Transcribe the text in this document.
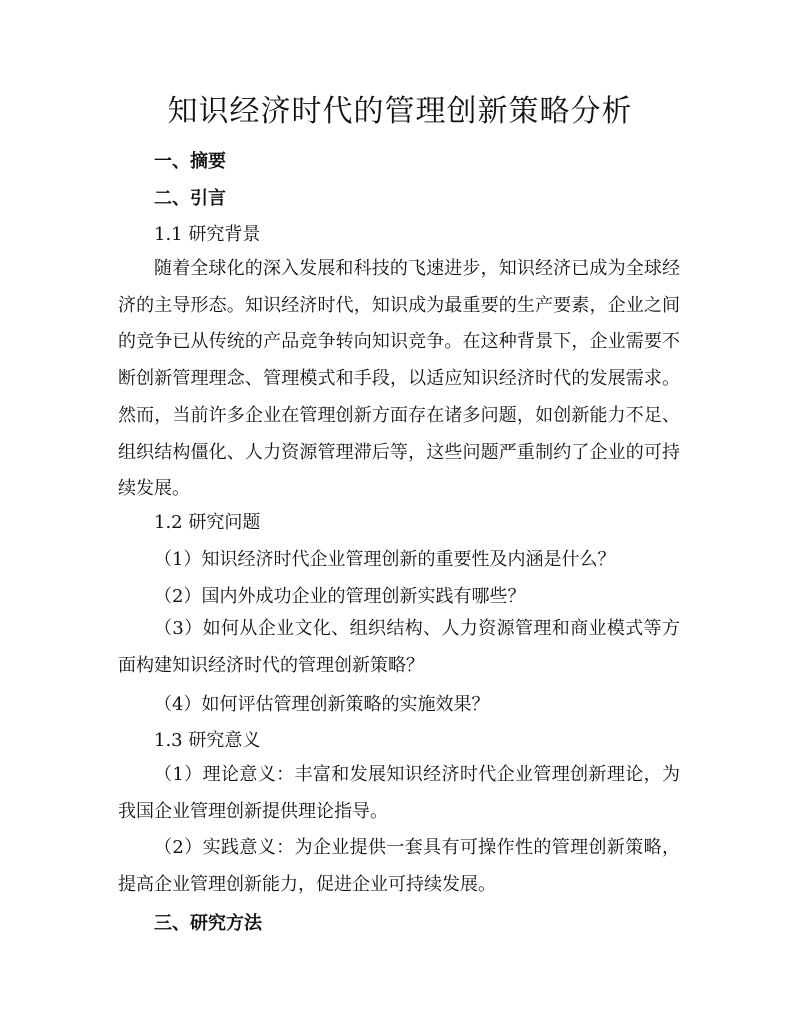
知识经济时代的管理创新策略分析
一、摘要
二、引言
1.1 研究背景
随着全球化的深入发展和科技的飞速进步，知识经济已成为全球经济的主导形态。知识经济时代，知识成为最重要的生产要素，企业之间的竞争已从传统的产品竞争转向知识竞争。在这种背景下，企业需要不断创新管理理念、管理模式和手段，以适应知识经济时代的发展需求。然而，当前许多企业在管理创新方面存在诸多问题，如创新能力不足、组织结构僵化、人力资源管理滞后等，这些问题严重制约了企业的可持续发展。
1.2 研究问题
（1）知识经济时代企业管理创新的重要性及内涵是什么？
（2）国内外成功企业的管理创新实践有哪些？
（3）如何从企业文化、组织结构、人力资源管理和商业模式等方面构建知识经济时代的管理创新策略？
（4）如何评估管理创新策略的实施效果？
1.3 研究意义
（1）理论意义：丰富和发展知识经济时代企业管理创新理论，为我国企业管理创新提供理论指导。
（2）实践意义：为企业提供一套具有可操作性的管理创新策略，提高企业管理创新能力，促进企业可持续发展。
三、研究方法
